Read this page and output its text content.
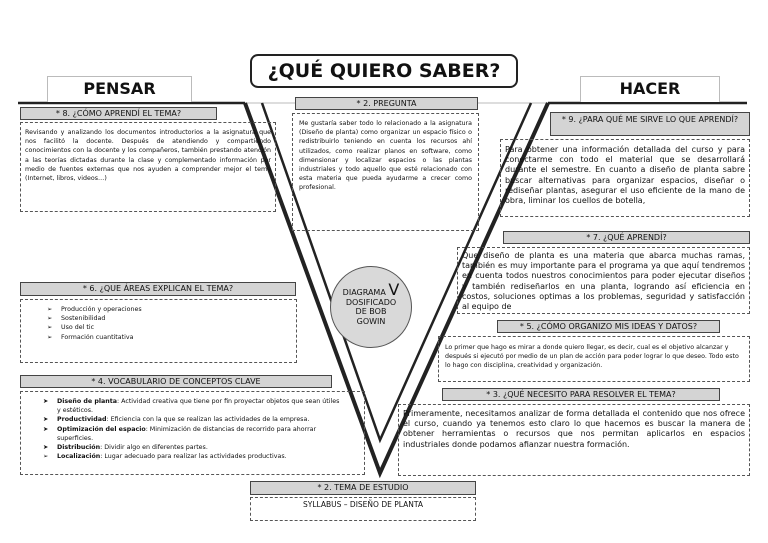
¿QUÉ QUIERO SABER?
PENSAR	HACER
* 8. ¿CÓMO APRENDÍ EL TEMA?
Revisando y analizando los documentos introductorios a la asignatura que nos facilitó la docente. Después de atendiendo y compartiendo conocimientos con la docente y los compañeros, también prestando atención a las teorías dictadas durante la clase y complementado información por medio de fuentes externas que nos ayuden a comprender mejor el tema (Internet, libros, videos…)
* 2. PREGUNTA
Me gustaría saber todo lo relacionado a la asignatura (Diseño de planta) como organizar un espacio físico o redistribuirlo teniendo en cuenta los recursos ahí utilizados, como realizar planos en software, como dimensionar y localizar espacios o las plantas industriales y todo aquello que esté relacionado con esta materia que pueda ayudarme a crecer como profesional.
* 9. ¿PARA QUÉ ME SIRVE LO QUE APRENDÍ?
Para obtener una información detallada del curso y para conectarme con todo el material que se desarrollará durante el semestre. En cuanto a diseño de planta sabre buscar alternativas para organizar espacios, diseñar o rediseñar plantas, asegurar el uso eficiente de la mano de obra, liminar los cuellos de botella,
* 7. ¿QUÉ APRENDÍ?
Que diseño de planta es una materia que abarca muchas ramas, también es muy importante para el programa ya que aquí tendremos en cuenta todos nuestros conocimientos para poder ejecutar diseños y también rediseñarlos en una planta, logrando así eficiencia en costos, soluciones optimas a los problemas, seguridad y satisfacción al equipo de
* 6. ¿QUE ÁREAS EXPLICAN EL TEMA?
➢ Producción y operaciones
➢ Sostenibilidad
➢ Uso del tic
➢ Formación cuantitativa
DIAGRAMA V
DOSIFICADO
DE BOB
GOWIN
* 5. ¿CÓMO ORGANIZO MIS IDEAS Y DATOS?
Lo primer que hago es mirar a donde quiero llegar, es decir, cual es el objetivo alcanzar y después si ejecutó por medio de un plan de acción para poder lograr lo que deseo. Todo esto lo hago con disciplina, creatividad y organización.
* 4. VOCABULARIO DE CONCEPTOS CLAVE
➤ Diseño de planta: Actividad creativa que tiene por fin proyectar objetos que sean útiles y estéticos.
➤ Productividad: Eficiencia con la que se realizan las actividades de la empresa.
➤ Optimización del espacio: Minimización de distancias de recorrido para ahorrar superficies.
➤ Distribución: Dividir algo en diferentes partes.
➢ Localización: Lugar adecuado para realizar las actividades productivas.
* 3. ¿QUÉ NECESITO PARA RESOLVER EL TEMA?
Primeramente, necesitamos analizar de forma detallada el contenido que nos ofrece el curso, cuando ya tenemos esto claro lo que hacemos es buscar la manera de obtener herramientas o recursos que nos permitan aplicarlos en espacios industriales donde podamos afianzar nuestra formación.
* 2. TEMA DE ESTUDIO
SYLLABUS – DISEÑO DE PLANTA
